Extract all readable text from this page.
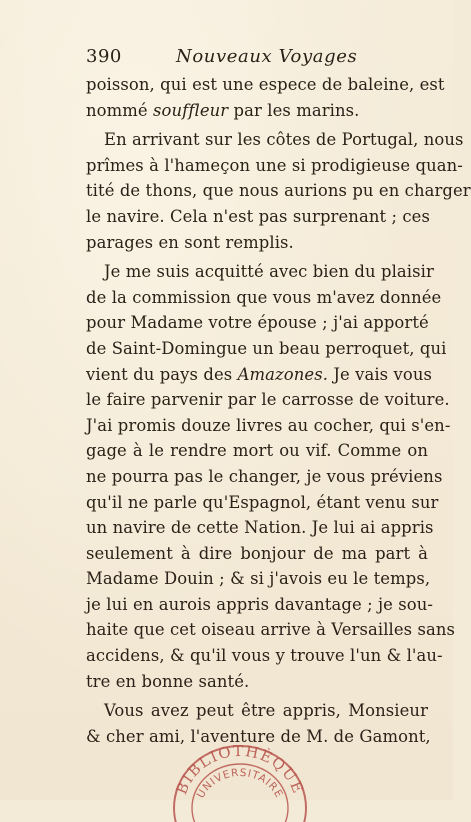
390	Nouveaux Voyages
poisson, qui est une espece de baleine, est
nommé souffleur par les marins.
En arrivant sur les côtes de Portugal, nous
prîmes à l'hameçon une si prodigieuse quan-
tité de thons, que nous aurions pu en charger
le navire. Cela n'est pas surprenant ; ces
parages en sont remplis.
Je me suis acquitté avec bien du plaisir
de la commission que vous m'avez donnée
pour Madame votre épouse ; j'ai apporté
de Saint-Domingue un beau perroquet, qui
vient du pays des Amazones. Je vais vous
le faire parvenir par le carrosse de voiture.
J'ai promis douze livres au cocher, qui s'en-
gage à le rendre mort ou vif. Comme on
ne pourra pas le changer, je vous préviens
qu'il ne parle qu'Espagnol, étant venu sur
un navire de cette Nation. Je lui ai appris
seulement à dire bonjour de ma part à
Madame Douin ; & si j'avois eu le temps,
je lui en aurois appris davantage ; je sou-
haite que cet oiseau arrive à Versailles sans
accidens, & qu'il vous y trouve l'un & l'au-
tre en bonne santé.
Vous avez peut être appris, Monsieur
& cher ami, l'aventure de M. de Gamont,
BIBLIOTHÈQUE
UNIVERSITAIRE
